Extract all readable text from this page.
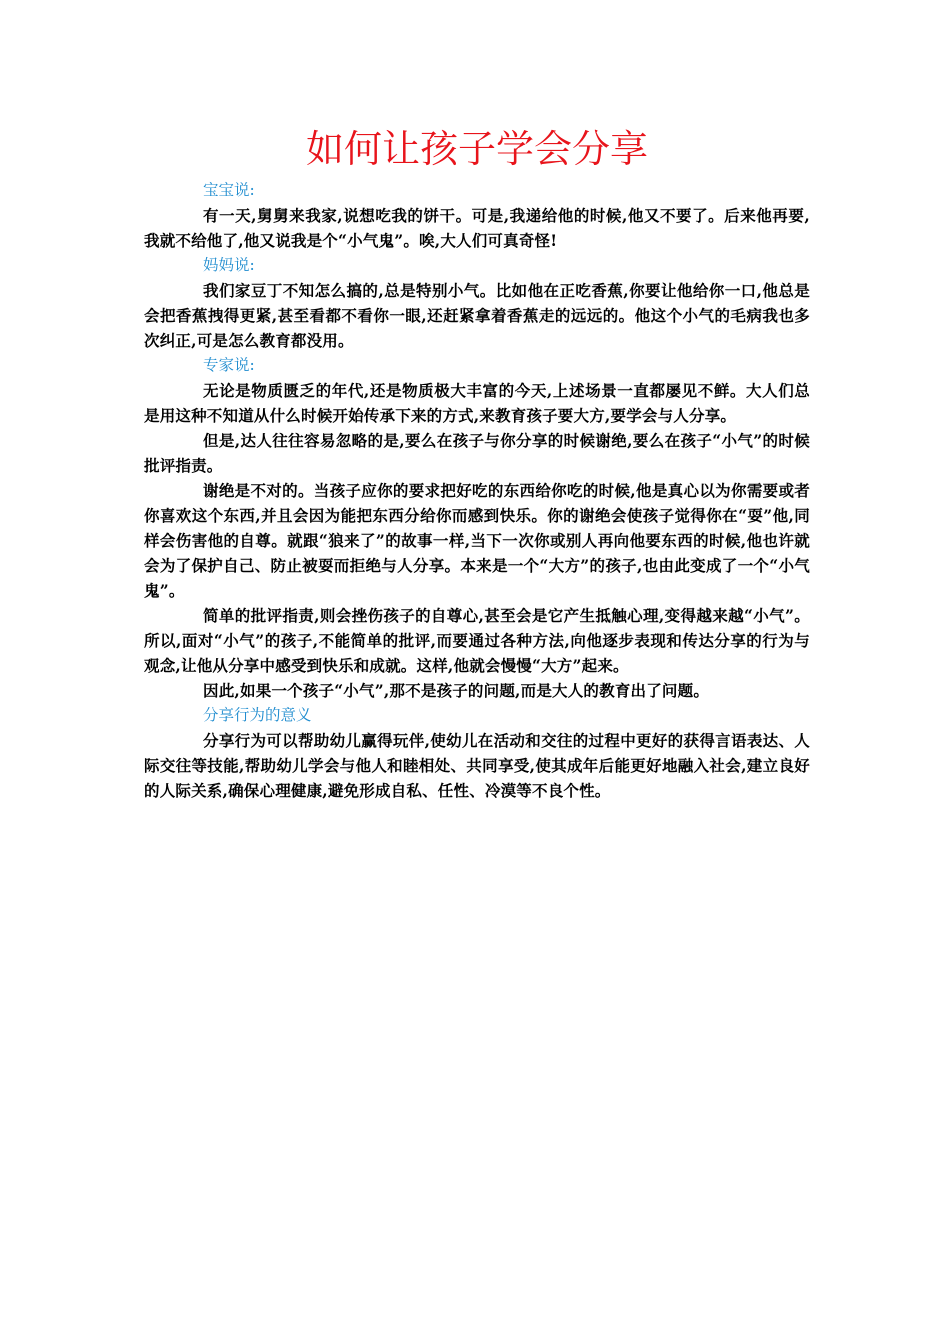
如何让孩子学会分享

宝宝说:

有一天,舅舅来我家,说想吃我的饼干。可是,我递给他的时候,他又不要了。后来他再要,我就不给他了,他又说我是个“小气鬼”。唉,大人们可真奇怪!

妈妈说:

我们家豆丁不知怎么搞的,总是特别小气。比如他在正吃香蕉,你要让他给你一口,他总是会把香蕉拽得更紧,甚至看都不看你一眼,还赶紧拿着香蕉走的远远的。他这个小气的毛病我也多次纠正,可是怎么教育都没用。

专家说:

无论是物质匮乏的年代,还是物质极大丰富的今天,上述场景一直都屡见不鲜。大人们总是用这种不知道从什么时候开始传承下来的方式,来教育孩子要大方,要学会与人分享。

但是,达人往往容易忽略的是,要么在孩子与你分享的时候谢绝,要么在孩子“小气”的时候批评指责。

谢绝是不对的。当孩子应你的要求把好吃的东西给你吃的时候,他是真心以为你需要或者你喜欢这个东西,并且会因为能把东西分给你而感到快乐。你的谢绝会使孩子觉得你在“耍”他,同样会伤害他的自尊。就跟“狼来了”的故事一样,当下一次你或别人再向他要东西的时候,他也许就会为了保护自己、防止被耍而拒绝与人分享。本来是一个“大方”的孩子,也由此变成了一个“小气鬼”。

简单的批评指责,则会挫伤孩子的自尊心,甚至会是它产生抵触心理,变得越来越“小气”。所以,面对“小气”的孩子,不能简单的批评,而要通过各种方法,向他逐步表现和传达分享的行为与观念,让他从分享中感受到快乐和成就。这样,他就会慢慢“大方”起来。

因此,如果一个孩子“小气”,那不是孩子的问题,而是大人的教育出了问题。

分享行为的意义

分享行为可以帮助幼儿赢得玩伴,使幼儿在活动和交往的过程中更好的获得言语表达、人际交往等技能,帮助幼儿学会与他人和睦相处、共同享受,使其成年后能更好地融入社会,建立良好的人际关系,确保心理健康,避免形成自私、任性、冷漠等不良个性。
